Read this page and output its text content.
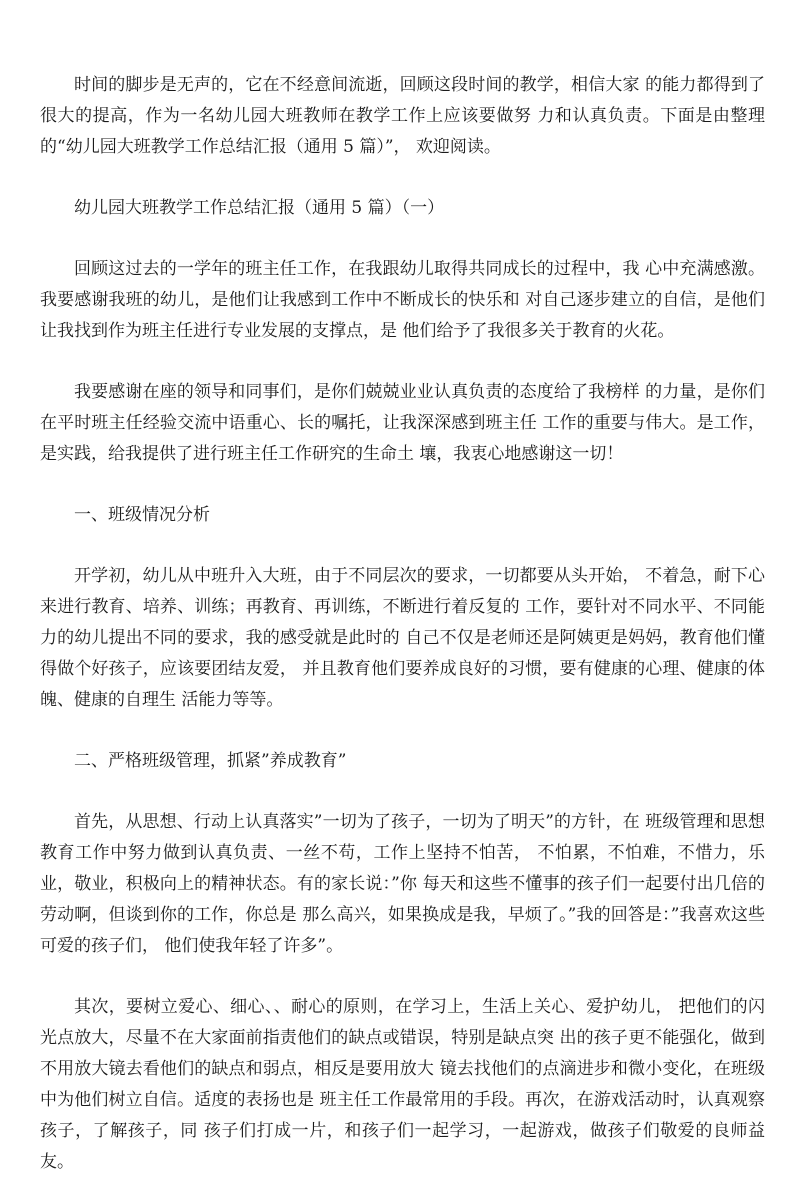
时间的脚步是无声的，它在不经意间流逝，回顾这段时间的教学，相信大家 的能力都得到了很大的提高，作为一名幼儿园大班教师在教学工作上应该要做努 力和认真负责。下面是由整理的“幼儿园大班教学工作总结汇报（通用 5 篇）”， 欢迎阅读。

幼儿园大班教学工作总结汇报（通用 5 篇）（一）

回顾这过去的一学年的班主任工作，在我跟幼儿取得共同成长的过程中，我 心中充满感激。我要感谢我班的幼儿，是他们让我感到工作中不断成长的快乐和 对自己逐步建立的自信，是他们让我找到作为班主任进行专业发展的支撑点，是 他们给予了我很多关于教育的火花。

我要感谢在座的领导和同事们，是你们兢兢业业认真负责的态度给了我榜样 的力量，是你们在平时班主任经验交流中语重心、长的嘱托，让我深深感到班主任 工作的重要与伟大。是工作，是实践，给我提供了进行班主任工作研究的生命土 壤，我衷心地感谢这一切！

一、班级情况分析

开学初，幼儿从中班升入大班，由于不同层次的要求，一切都要从头开始， 不着急，耐下心来进行教育、培养、训练；再教育、再训练，不断进行着反复的 工作，要针对不同水平、不同能力的幼儿提出不同的要求，我的感受就是此时的 自己不仅是老师还是阿姨更是妈妈，教育他们懂得做个好孩子，应该要团结友爱， 并且教育他们要养成良好的习惯，要有健康的心理、健康的体魄、健康的自理生 活能力等等。

二、严格班级管理，抓紧”养成教育”

首先，从思想、行动上认真落实”一切为了孩子，一切为了明天”的方针，在 班级管理和思想教育工作中努力做到认真负责、一丝不苟，工作上坚持不怕苦， 不怕累，不怕难，不惜力，乐业，敬业，积极向上的精神状态。有的家长说：”你 每天和这些不懂事的孩子们一起要付出几倍的劳动啊，但谈到你的工作，你总是 那么高兴，如果换成是我，早烦了。”我的回答是：”我喜欢这些可爱的孩子们， 他们使我年轻了许多”。

其次，要树立爱心、细心、、耐心的原则，在学习上，生活上关心、爱护幼儿， 把他们的闪光点放大，尽量不在大家面前指责他们的缺点或错误，特别是缺点突 出的孩子更不能强化，做到不用放大镜去看他们的缺点和弱点，相反是要用放大 镜去找他们的点滴进步和微小变化，在班级中为他们树立自信。适度的表扬也是 班主任工作最常用的手段。再次，在游戏活动时，认真观察孩子，了解孩子，同 孩子们打成一片，和孩子们一起学习，一起游戏，做孩子们敬爱的良师益友。
